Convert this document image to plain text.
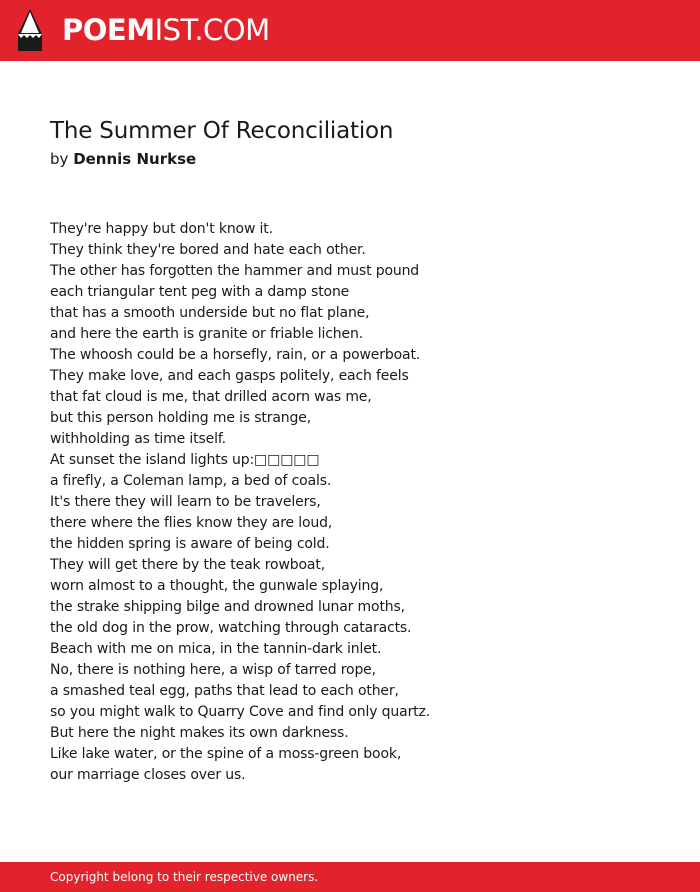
POEMIST.COM
The Summer Of Reconciliation
by Dennis Nurkse
They're happy but don't know it.
They think they're bored and hate each other.
The other has forgotten the hammer and must pound
each triangular tent peg with a damp stone
that has a smooth underside but no flat plane,
and here the earth is granite or friable lichen.
The whoosh could be a horsefly, rain, or a powerboat.
They make love, and each gasps politely, each feels
that fat cloud is me, that drilled acorn was me,
but this person holding me is strange,
withholding as time itself.
At sunset the island lights up:□□□□□
a firefly, a Coleman lamp, a bed of coals.
It's there they will learn to be travelers,
there where the flies know they are loud,
the hidden spring is aware of being cold.
They will get there by the teak rowboat,
worn almost to a thought, the gunwale splaying,
the strake shipping bilge and drowned lunar moths,
the old dog in the prow, watching through cataracts.
Beach with me on mica, in the tannin-dark inlet.
No, there is nothing here, a wisp of tarred rope,
a smashed teal egg, paths that lead to each other,
so you might walk to Quarry Cove and find only quartz.
But here the night makes its own darkness.
Like lake water, or the spine of a moss-green book,
our marriage closes over us.
Copyright belong to their respective owners.
